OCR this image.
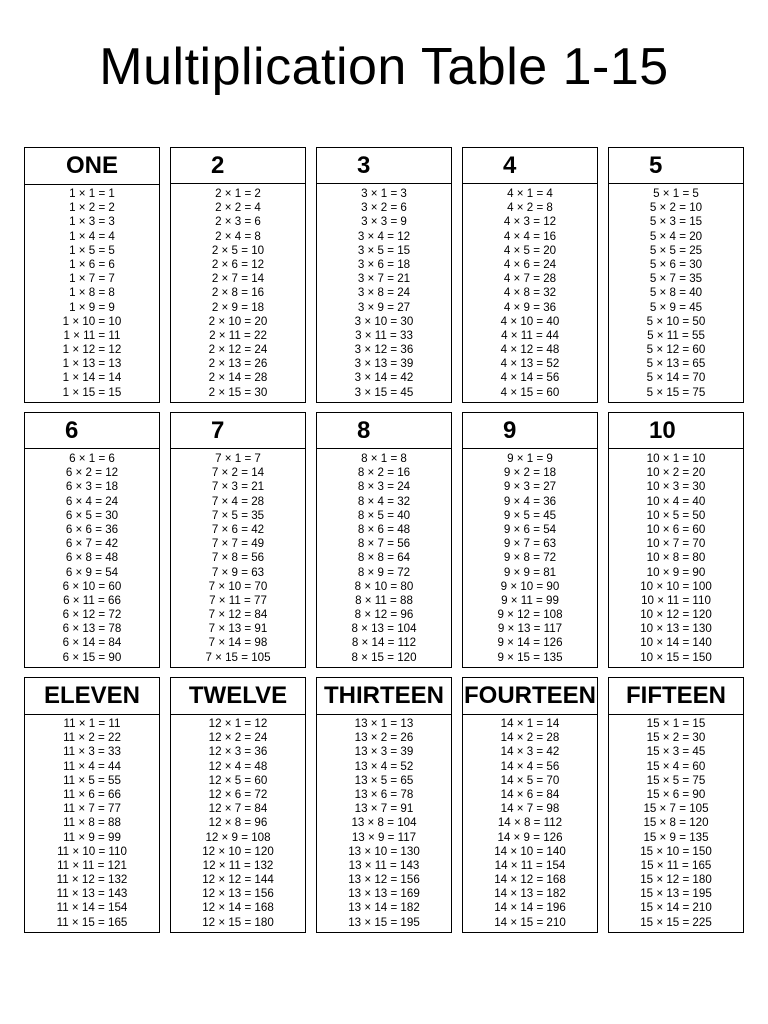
Multiplication Table 1-15
ONE
1 × 1 = 1
1 × 2 = 2
1 × 3 = 3
1 × 4 = 4
1 × 5 = 5
1 × 6 = 6
1 × 7 = 7
1 × 8 = 8
1 × 9 = 9
1 × 10 = 10
1 × 11 = 11
1 × 12 = 12
1 × 13 = 13
1 × 14 = 14
1 × 15 = 15
2
2 × 1 = 2
2 × 2 = 4
2 × 3 = 6
2 × 4 = 8
2 × 5 = 10
2 × 6 = 12
2 × 7 = 14
2 × 8 = 16
2 × 9 = 18
2 × 10 = 20
2 × 11 = 22
2 × 12 = 24
2 × 13 = 26
2 × 14 = 28
2 × 15 = 30
3
3 × 1 = 3
3 × 2 = 6
3 × 3 = 9
3 × 4 = 12
3 × 5 = 15
3 × 6 = 18
3 × 7 = 21
3 × 8 = 24
3 × 9 = 27
3 × 10 = 30
3 × 11 = 33
3 × 12 = 36
3 × 13 = 39
3 × 14 = 42
3 × 15 = 45
4
4 × 1 = 4
4 × 2 = 8
4 × 3 = 12
4 × 4 = 16
4 × 5 = 20
4 × 6 = 24
4 × 7 = 28
4 × 8 = 32
4 × 9 = 36
4 × 10 = 40
4 × 11 = 44
4 × 12 = 48
4 × 13 = 52
4 × 14 = 56
4 × 15 = 60
5
5 × 1 = 5
5 × 2 = 10
5 × 3 = 15
5 × 4 = 20
5 × 5 = 25
5 × 6 = 30
5 × 7 = 35
5 × 8 = 40
5 × 9 = 45
5 × 10 = 50
5 × 11 = 55
5 × 12 = 60
5 × 13 = 65
5 × 14 = 70
5 × 15 = 75
6
6 × 1 = 6
6 × 2 = 12
6 × 3 = 18
6 × 4 = 24
6 × 5 = 30
6 × 6 = 36
6 × 7 = 42
6 × 8 = 48
6 × 9 = 54
6 × 10 = 60
6 × 11 = 66
6 × 12 = 72
6 × 13 = 78
6 × 14 = 84
6 × 15 = 90
7
7 × 1 = 7
7 × 2 = 14
7 × 3 = 21
7 × 4 = 28
7 × 5 = 35
7 × 6 = 42
7 × 7 = 49
7 × 8 = 56
7 × 9 = 63
7 × 10 = 70
7 × 11 = 77
7 × 12 = 84
7 × 13 = 91
7 × 14 = 98
7 × 15 = 105
8
8 × 1 = 8
8 × 2 = 16
8 × 3 = 24
8 × 4 = 32
8 × 5 = 40
8 × 6 = 48
8 × 7 = 56
8 × 8 = 64
8 × 9 = 72
8 × 10 = 80
8 × 11 = 88
8 × 12 = 96
8 × 13 = 104
8 × 14 = 112
8 × 15 = 120
9
9 × 1 = 9
9 × 2 = 18
9 × 3 = 27
9 × 4 = 36
9 × 5 = 45
9 × 6 = 54
9 × 7 = 63
9 × 8 = 72
9 × 9 = 81
9 × 10 = 90
9 × 11 = 99
9 × 12 = 108
9 × 13 = 117
9 × 14 = 126
9 × 15 = 135
10
10 × 1 = 10
10 × 2 = 20
10 × 3 = 30
10 × 4 = 40
10 × 5 = 50
10 × 6 = 60
10 × 7 = 70
10 × 8 = 80
10 × 9 = 90
10 × 10 = 100
10 × 11 = 110
10 × 12 = 120
10 × 13 = 130
10 × 14 = 140
10 × 15 = 150
ELEVEN
11 × 1 = 11
11 × 2 = 22
11 × 3 = 33
11 × 4 = 44
11 × 5 = 55
11 × 6 = 66
11 × 7 = 77
11 × 8 = 88
11 × 9 = 99
11 × 10 = 110
11 × 11 = 121
11 × 12 = 132
11 × 13 = 143
11 × 14 = 154
11 × 15 = 165
TWELVE
12 × 1 = 12
12 × 2 = 24
12 × 3 = 36
12 × 4 = 48
12 × 5 = 60
12 × 6 = 72
12 × 7 = 84
12 × 8 = 96
12 × 9 = 108
12 × 10 = 120
12 × 11 = 132
12 × 12 = 144
12 × 13 = 156
12 × 14 = 168
12 × 15 = 180
THIRTEEN
13 × 1 = 13
13 × 2 = 26
13 × 3 = 39
13 × 4 = 52
13 × 5 = 65
13 × 6 = 78
13 × 7 = 91
13 × 8 = 104
13 × 9 = 117
13 × 10 = 130
13 × 11 = 143
13 × 12 = 156
13 × 13 = 169
13 × 14 = 182
13 × 15 = 195
FOURTEEN
14 × 1 = 14
14 × 2 = 28
14 × 3 = 42
14 × 4 = 56
14 × 5 = 70
14 × 6 = 84
14 × 7 = 98
14 × 8 = 112
14 × 9 = 126
14 × 10 = 140
14 × 11 = 154
14 × 12 = 168
14 × 13 = 182
14 × 14 = 196
14 × 15 = 210
FIFTEEN
15 × 1 = 15
15 × 2 = 30
15 × 3 = 45
15 × 4 = 60
15 × 5 = 75
15 × 6 = 90
15 × 7 = 105
15 × 8 = 120
15 × 9 = 135
15 × 10 = 150
15 × 11 = 165
15 × 12 = 180
15 × 13 = 195
15 × 14 = 210
15 × 15 = 225
